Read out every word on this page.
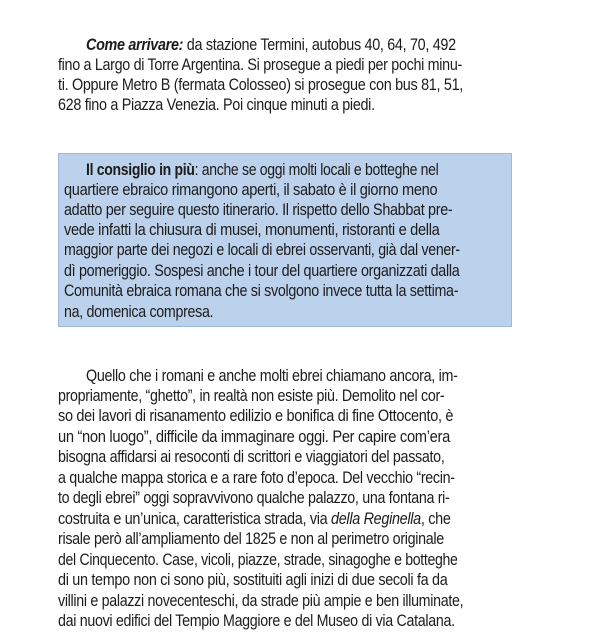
Come arrivare: da stazione Termini, autobus 40, 64, 70, 492
fino a Largo di Torre Argentina. Si prosegue a piedi per pochi minu-
ti. Oppure Metro B (fermata Colosseo) si prosegue con bus 81, 51,
628 fino a Piazza Venezia. Poi cinque minuti a piedi.
Il consiglio in più: anche se oggi molti locali e botteghe nel
quartiere ebraico rimangono aperti, il sabato è il giorno meno
adatto per seguire questo itinerario. Il rispetto dello Shabbat pre-
vede infatti la chiusura di musei, monumenti, ristoranti e della
maggior parte dei negozi e locali di ebrei osservanti, già dal vener-
dì pomeriggio. Sospesi anche i tour del quartiere organizzati dalla
Comunità ebraica romana che si svolgono invece tutta la settima-
na, domenica compresa.
Quello che i romani e anche molti ebrei chiamano ancora, im-
propriamente, “ghetto”, in realtà non esiste più. Demolito nel cor-
so dei lavori di risanamento edilizio e bonifica di fine Ottocento, è
un “non luogo”, difficile da immaginare oggi. Per capire com’era
bisogna affidarsi ai resoconti di scrittori e viaggiatori del passato,
a qualche mappa storica e a rare foto d’epoca. Del vecchio “recin-
to degli ebrei” oggi sopravvivono qualche palazzo, una fontana ri-
costruita e un’unica, caratteristica strada, via della Reginella, che
risale però all’ampliamento del 1825 e non al perimetro originale
del Cinquecento. Case, vicoli, piazze, strade, sinagoghe e botteghe
di un tempo non ci sono più, sostituiti agli inizi di due secoli fa da
villini e palazzi novecenteschi, da strade più ampie e ben illuminate,
dai nuovi edifici del Tempio Maggiore e del Museo di via Catalana.
